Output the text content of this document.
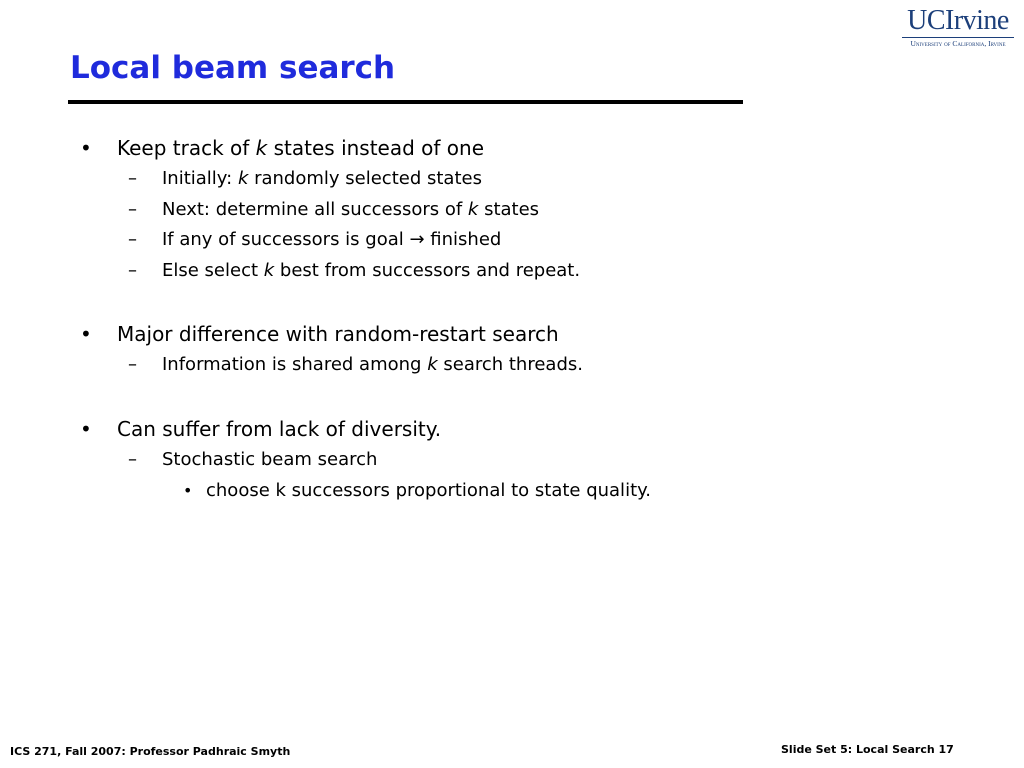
Local beam search
UCIrvine
University of California, Irvine
• Keep track of k states instead of one
– Initially: k randomly selected states
– Next: determine all successors of k states
– If any of successors is goal → finished
– Else select k best from successors and repeat.
• Major difference with random-restart search
– Information is shared among k search threads.
• Can suffer from lack of diversity.
– Stochastic beam search
• choose k successors proportional to state quality.
ICS 271, Fall 2007: Professor Padhraic Smyth	Slide Set 5: Local Search 17
